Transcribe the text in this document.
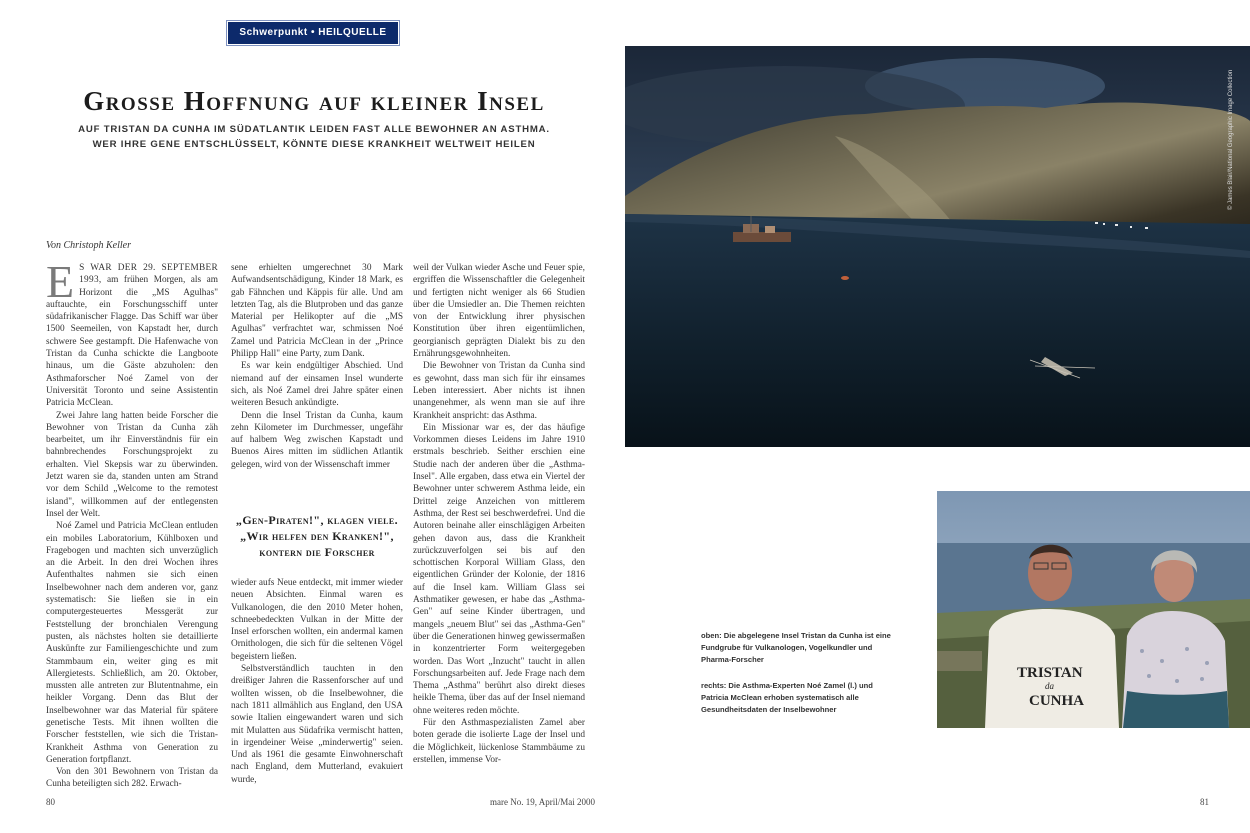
Schwerpunkt • HEILQUELLE
Grosse Hoffnung auf kleiner Insel
AUF TRISTAN DA CUNHA IM SÜDATLANTIK LEIDEN FAST ALLE BEWOHNER AN ASTHMA.
WER IHRE GENE ENTSCHLÜSSELT, KÖNNTE DIESE KRANKHEIT WELTWEIT HEILEN
Von Christoph Keller

E S WAR DER 29. SEPTEMBER 1993, am frühen Morgen, als am Horizont die „MS Agulhas" auftauchte, ein Forschungsschiff unter südafrikanischer Flagge. Das Schiff war über 1500 Seemeilen, von Kapstadt her, durch schwere See gestampft. Die Hafenwache von Tristan da Cunha schickte die Langboote hinaus, um die Gäste abzuholen: den Asthmaforscher Noé Zamel von der Universität Toronto und seine Assistentin Patricia McClean.

Zwei Jahre lang hatten beide Forscher die Bewohner von Tristan da Cunha zäh bearbeitet, um ihr Einverständnis für ein bahnbrechendes Forschungsprojekt zu erhalten. Viel Skepsis war zu überwinden. Jetzt waren sie da, standen unten am Strand vor dem Schild „Welcome to the remotest island", willkommen auf der entlegensten Insel der Welt.

Noé Zamel und Patricia McClean entluden ein mobiles Laboratorium, Kühlboxen und Fragebogen und machten sich unverzüglich an die Arbeit. In den drei Wochen ihres Aufenthaltes nahmen sie sich einen Inselbewohner nach dem anderen vor, ganz systematisch: Sie ließen sie in ein computergesteuertes Messgerät zur Feststellung der bronchialen Verengung pusten, als nächstes holten sie detaillierte Auskünfte zur Familiengeschichte und zum Stammbaum ein, weiter ging es mit Allergietests. Schließlich, am 20. Oktober, mussten alle antreten zur Blutentnahme, ein heikler Vorgang. Denn das Blut der Inselbewohner war das Material für spätere genetische Tests. Mit ihnen wollten die Forscher feststellen, wie sich die Tristan-Krankheit Asthma von Generation zu Generation fortpflanzt.

Von den 301 Bewohnern von Tristan da Cunha beteiligten sich 282. Erwach-

sene erhielten umgerechnet 30 Mark Aufwandsentschädigung, Kinder 18 Mark, es gab Fähnchen und Käppis für alle. Und am letzten Tag, als die Blutproben und das ganze Material per Helikopter auf die „MS Agulhas" verfrachtet war, schmissen Noé Zamel und Patricia McClean in der „Prince Philipp Hall" eine Party, zum Dank.

Es war kein endgültiger Abschied. Und niemand auf der einsamen Insel wunderte sich, als Noé Zamel drei Jahre später einen weiteren Besuch ankündigte.

Denn die Insel Tristan da Cunha, kaum zehn Kilometer im Durchmesser, ungefähr auf halbem Weg zwischen Kapstadt und Buenos Aires mitten im südlichen Atlantik gelegen, wird von der Wissenschaft immer

„Gen-Piraten!", klagen viele.
„Wir helfen den Kranken!",
kontern die Forscher

wieder aufs Neue entdeckt, mit immer wieder neuen Absichten. Einmal waren es Vulkanologen, die den 2010 Meter hohen, schneebedeckten Vulkan in der Mitte der Insel erforschen wollten, ein andermal kamen Ornithologen, die sich für die seltenen Vögel begeistern ließen.

Selbstverständlich tauchten in den dreißiger Jahren die Rassenforscher auf und wollten wissen, ob die Inselbewohner, die nach 1811 allmählich aus England, den USA sowie Italien eingewandert waren und sich mit Mulatten aus Südafrika vermischt hatten, in irgendeiner Weise „minderwertig" seien. Und als 1961 die gesamte Einwohnerschaft nach England, dem Mutterland, evakuiert wurde,

weil der Vulkan wieder Asche und Feuer spie, ergriffen die Wissenschaftler die Gelegenheit und fertigten nicht weniger als 66 Studien über die Umsiedler an. Die Themen reichten von der Entwicklung ihrer physischen Konstitution über ihren eigentümlichen, georgianisch geprägten Dialekt bis zu den Ernährungsgewohnheiten.

Die Bewohner von Tristan da Cunha sind es gewohnt, dass man sich für ihr einsames Leben interessiert. Aber nichts ist ihnen unangenehmer, als wenn man sie auf ihre Krankheit anspricht: das Asthma.

Ein Missionar war es, der das häufige Vorkommen dieses Leidens im Jahre 1910 erstmals beschrieb. Seither erschien eine Studie nach der anderen über die „Asthma-Insel". Alle ergaben, dass etwa ein Viertel der Bewohner unter schwerem Asthma leide, ein Drittel zeige Anzeichen von mittlerem Asthma, der Rest sei beschwerdefrei. Und die Autoren beinahe aller einschlägigen Arbeiten gehen davon aus, dass die Krankheit zurückzuverfolgen sei bis auf den schottischen Korporal William Glass, den eigentlichen Gründer der Kolonie, der 1816 auf die Insel kam. William Glass sei Asthmatiker gewesen, er habe das „Asthma-Gen" auf seine Kinder übertragen, und mangels „neuem Blut" sei das „Asthma-Gen" über die Generationen hinweg gewissermaßen in konzentrierter Form weitergegeben worden. Das Wort „Inzucht" taucht in allen Forschungsarbeiten auf. Jede Frage nach dem Thema „Asthma" berührt also direkt dieses heikle Thema, über das auf der Insel niemand ohne weiteres reden möchte.

Für den Asthmaspezialisten Zamel aber boten gerade die isolierte Lage der Insel und die Möglichkeit, lückenlose Stammbäume zu erstellen, immense Vor-

© James Blair/National Geographic Image Collection
TRISTAN
da
CUNHA
oben: Die abgelegene Insel Tristan da Cunha ist eine Fundgrube für Vulkanologen, Vogelkundler und Pharma-Forscher
rechts: Die Asthma-Experten Noé Zamel (l.) und Patricia McClean erhoben systematisch alle Gesundheitsdaten der Inselbewohner
80	mare No. 19, April/Mai 2000	81
